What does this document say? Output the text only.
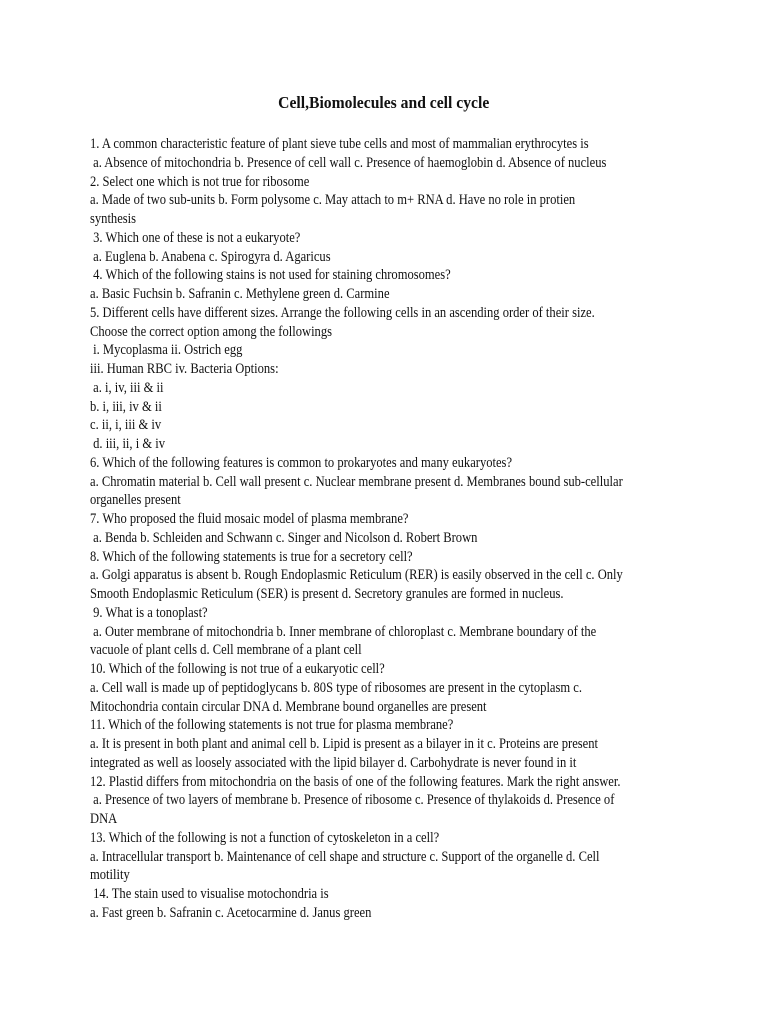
Cell,Biomolecules and cell cycle
1. A common characteristic feature of plant sieve tube cells and most of mammalian erythrocytes is
a. Absence of mitochondria b. Presence of cell wall c. Presence of haemoglobin d. Absence of nucleus
2. Select one which is not true for ribosome
a. Made of two sub-units b. Form polysome c. May attach to m+ RNA d. Have no role in protien
synthesis
3. Which one of these is not a eukaryote?
a. Euglena b. Anabena c. Spirogyra d. Agaricus
4. Which of the following stains is not used for staining chromosomes?
a. Basic Fuchsin b. Safranin c. Methylene green d. Carmine
5. Different cells have different sizes. Arrange the following cells in an ascending order of their size.
Choose the correct option among the followings
i. Mycoplasma ii. Ostrich egg
iii. Human RBC iv. Bacteria Options:
a. i, iv, iii & ii
b. i, iii, iv & ii
c. ii, i, iii & iv
d. iii, ii, i & iv
6. Which of the following features is common to prokaryotes and many eukaryotes?
a. Chromatin material b. Cell wall present c. Nuclear membrane present d. Membranes bound sub-cellular
organelles present
7. Who proposed the fluid mosaic model of plasma membrane?
a. Benda b. Schleiden and Schwann c. Singer and Nicolson d. Robert Brown
8. Which of the following statements is true for a secretory cell?
a. Golgi apparatus is absent b. Rough Endoplasmic Reticulum (RER) is easily observed in the cell c. Only
Smooth Endoplasmic Reticulum (SER) is present d. Secretory granules are formed in nucleus.
9. What is a tonoplast?
a. Outer membrane of mitochondria b. Inner membrane of chloroplast c. Membrane boundary of the
vacuole of plant cells d. Cell membrane of a plant cell
10. Which of the following is not true of a eukaryotic cell?
a. Cell wall is made up of peptidoglycans b. 80S type of ribosomes are present in the cytoplasm c.
Mitochondria contain circular DNA d. Membrane bound organelles are present
11. Which of the following statements is not true for plasma membrane?
a. It is present in both plant and animal cell b. Lipid is present as a bilayer in it c. Proteins are present
integrated as well as loosely associated with the lipid bilayer d. Carbohydrate is never found in it
12. Plastid differs from mitochondria on the basis of one of the following features. Mark the right answer.
a. Presence of two layers of membrane b. Presence of ribosome c. Presence of thylakoids d. Presence of
DNA
13. Which of the following is not a function of cytoskeleton in a cell?
a. Intracellular transport b. Maintenance of cell shape and structure c. Support of the organelle d. Cell
motility
14. The stain used to visualise motochondria is
a. Fast green b. Safranin c. Acetocarmine d. Janus green
